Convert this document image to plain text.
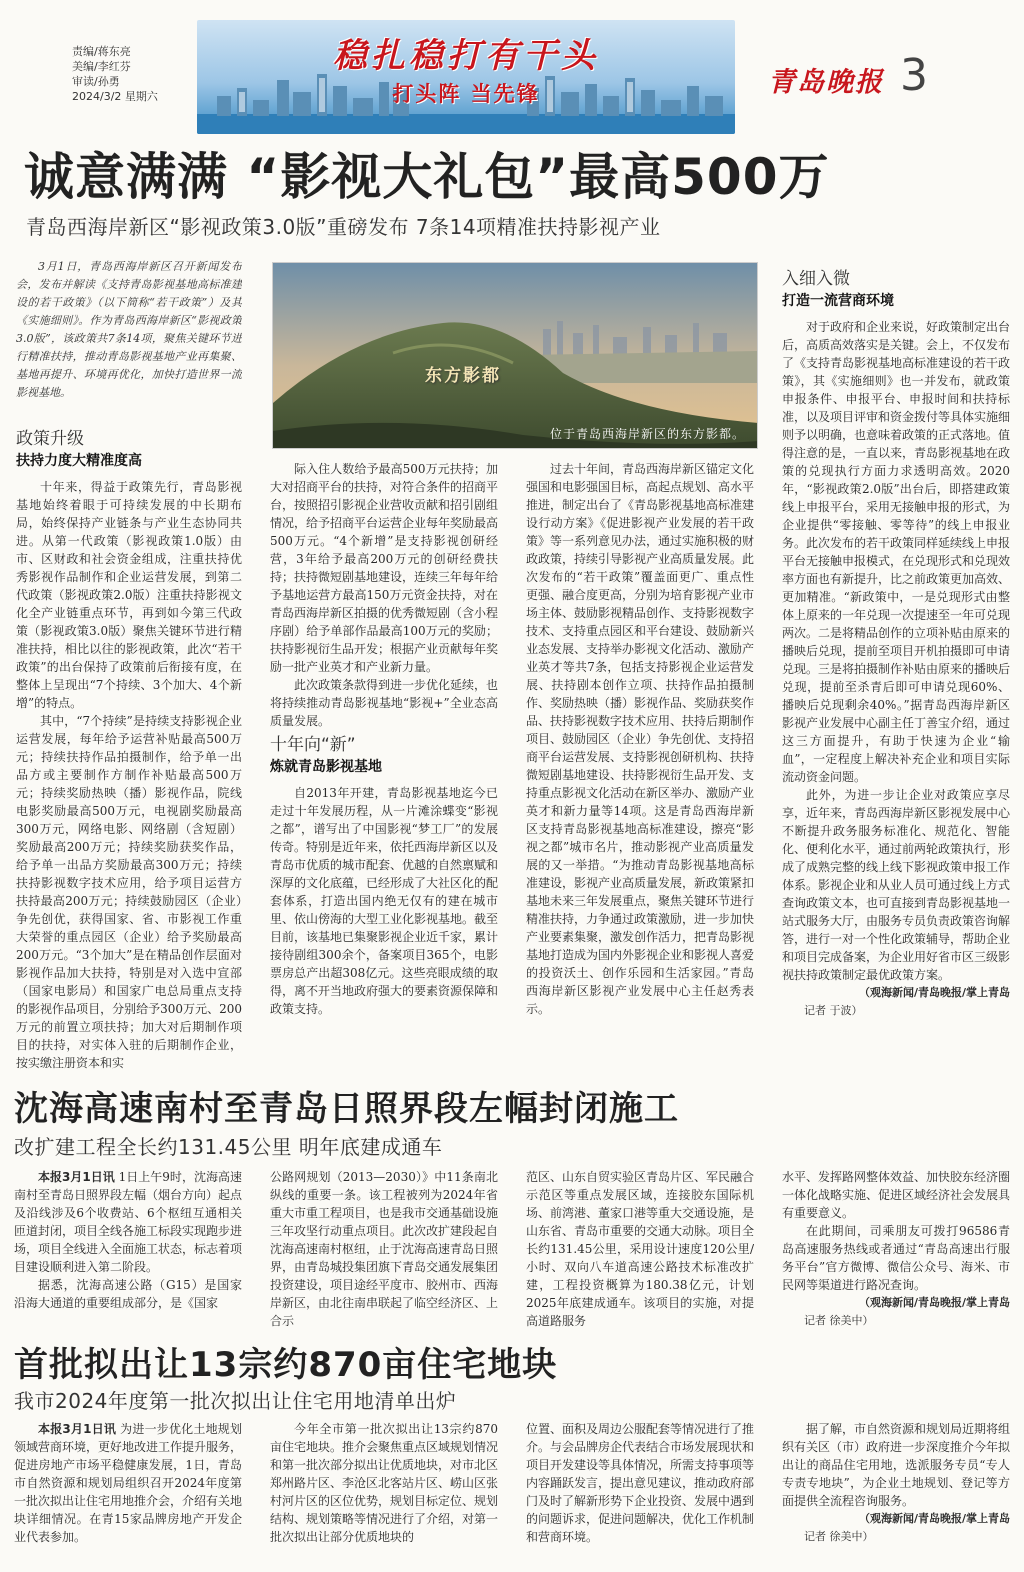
责编/蒋东亮
美编/李红芬
审读/孙勇
2024/3/2 星期六
稳扎稳打有干头
打头阵 当先锋	青岛晚报 3
诚意满满 “影视大礼包”最高500万
青岛西海岸新区“影视政策3.0版”重磅发布 7条14项精准扶持影视产业

3月1日，青岛西海岸新区召开新闻发布会，发布并解读《支持青岛影视基地高标准建设的若干政策》（以下简称“若干政策”）及其《实施细则》。作为青岛西海岸新区“影视政策3.0版”，该政策共7条14项，聚焦关键环节进行精准扶持，推动青岛影视基地产业再集聚、基地再提升、环境再优化，加快打造世界一流影视基地。

政策升级
扶持力度大精准度高

十年来，得益于政策先行，青岛影视基地始终着眼于可持续发展的中长期布局，始终保持产业链条与产业生态协同共进。从第一代政策（影视政策1.0版）由市、区财政和社会资金组成，注重扶持优秀影视作品制作和企业运营发展，到第二代政策（影视政策2.0版）注重扶持影视文化全产业链重点环节，再到如今第三代政策（影视政策3.0版）聚焦关键环节进行精准扶持，相比以往的影视政策，此次“若干政策”的出台保持了政策前后衔接有度，在整体上呈现出“7个持续、3个加大、4个新增”的特点。

其中，“7个持续”是持续支持影视企业运营发展，每年给予运营补贴最高500万元；持续扶持作品拍摄制作，给予单一出品方或主要制作方制作补贴最高500万元；持续奖励热映（播）影视作品，院线电影奖励最高500万元，电视剧奖励最高300万元，网络电影、网络剧（含短剧）奖励最高200万元；持续奖励获奖作品，给予单一出品方奖励最高300万元；持续扶持影视数字技术应用，给予项目运营方扶持最高200万元；持续鼓励园区（企业）争先创优，获得国家、省、市影视工作重大荣誉的重点园区（企业）给予奖励最高200万元。“3个加大”是在精品创作层面对影视作品加大扶持，特别是对入选中宣部（国家电影局）和国家广电总局重点支持的影视作品项目，分别给予300万元、200万元的前置立项扶持；加大对后期制作项目的扶持，对实体入驻的后期制作企业，按实缴注册资本和实

东方影都
位于青岛西海岸新区的东方影都。

际入住人数给予最高500万元扶持；加大对招商平台的扶持，对符合条件的招商平台，按照招引影视企业营收贡献和招引剧组情况，给予招商平台运营企业每年奖励最高500万元。“4个新增”是支持影视创研经营，3年给予最高200万元的创研经费扶持；扶持微短剧基地建设，连续三年每年给予基地运营方最高150万元资金扶持，对在青岛西海岸新区拍摄的优秀微短剧（含小程序剧）给予单部作品最高100万元的奖励；扶持影视衍生品开发；根据产业贡献每年奖励一批产业英才和产业新力量。

此次政策条款得到进一步优化延续，也将持续推动青岛影视基地“影视+”全业态高质量发展。

十年向“新”
炼就青岛影视基地

自2013年开建，青岛影视基地迄今已走过十年发展历程，从一片滩涂蝶变“影视之都”，谱写出了中国影视“梦工厂”的发展传奇。特别是近年来，依托西海岸新区以及青岛市优质的城市配套、优越的自然禀赋和深厚的文化底蕴，已经形成了大社区化的配套体系，打造出国内绝无仅有的建在城市里、依山傍海的大型工业化影视基地。截至目前，该基地已集聚影视企业近千家，累计接待剧组300余个，备案项目365个，电影票房总产出超308亿元。这些亮眼成绩的取得，离不开当地政府强大的要素资源保障和政策支持。

过去十年间，青岛西海岸新区锚定文化强国和电影强国目标，高起点规划、高水平推进，制定出台了《青岛影视基地高标准建设行动方案》《促进影视产业发展的若干政策》等一系列意见办法，通过实施积极的财政政策，持续引导影视产业高质量发展。此次发布的“若干政策”覆盖面更广、重点性更强、融合度更高，分别为培育影视产业市场主体、鼓励影视精品创作、支持影视数字技术、支持重点园区和平台建设、鼓励新兴业态发展、支持举办影视文化活动、激励产业英才等共7条，包括支持影视企业运营发展、扶持剧本创作立项、扶持作品拍摄制作、奖励热映（播）影视作品、奖励获奖作品、扶持影视数字技术应用、扶持后期制作项目、鼓励园区（企业）争先创优、支持招商平台运营发展、支持影视创研机构、扶持微短剧基地建设、扶持影视衍生品开发、支持重点影视文化活动在新区举办、激励产业英才和新力量等14项。这是青岛西海岸新区支持青岛影视基地高标准建设，擦亮“影视之都”城市名片，推动影视产业高质量发展的又一举措。“为推动青岛影视基地高标准建设，影视产业高质量发展，新政策紧扣基地未来三年发展重点，聚焦关键环节进行精准扶持，力争通过政策激励，进一步加快产业要素集聚，激发创作活力，把青岛影视基地打造成为国内外影视企业和影视人喜爱的投资沃土、创作乐园和生活家园。”青岛西海岸新区影视产业发展中心主任赵秀表示。

入细入微
打造一流营商环境

对于政府和企业来说，好政策制定出台后，高质高效落实是关键。会上，不仅发布了《支持青岛影视基地高标准建设的若干政策》，其《实施细则》也一并发布，就政策申报条件、申报平台、申报时间和扶持标准，以及项目评审和资金拨付等具体实施细则予以明确，也意味着政策的正式落地。值得注意的是，一直以来，青岛影视基地在政策的兑现执行方面力求透明高效。2020年，“影视政策2.0版”出台后，即搭建政策线上申报平台，采用无接触申报的形式，为企业提供“零接触、零等待”的线上申报业务。此次发布的若干政策同样延续线上申报平台无接触申报模式，在兑现形式和兑现效率方面也有新提升，比之前政策更加高效、更加精准。“新政策中，一是兑现形式由整体上原来的一年兑现一次提速至一年可兑现两次。二是将精品创作的立项补贴由原来的播映后兑现，提前至项目开机拍摄即可申请兑现。三是将拍摄制作补贴由原来的播映后兑现，提前至杀青后即可申请兑现60%、播映后兑现剩余40%。”据青岛西海岸新区影视产业发展中心副主任丁善宝介绍，通过这三方面提升，有助于快速为企业“输血”，一定程度上解决补充企业和项目实际流动资金问题。

此外，为进一步让企业对政策应享尽享，近年来，青岛西海岸新区影视发展中心不断提升政务服务标准化、规范化、智能化、便利化水平，通过前两轮政策执行，形成了成熟完整的线上线下影视政策申报工作体系。影视企业和从业人员可通过线上方式查询政策文本，也可直接到青岛影视基地一站式服务大厅，由服务专员负责政策咨询解答，进行一对一个性化政策辅导，帮助企业和项目完成备案，为企业用好省市区三级影视扶持政策制定最优政策方案。

（观海新闻/青岛晚报/掌上青岛

记者 于波）

沈海高速南村至青岛日照界段左幅封闭施工
改扩建工程全长约131.45公里 明年底建成通车

本报3月1日讯 1日上午9时，沈海高速南村至青岛日照界段左幅（烟台方向）起点及沿线涉及6个收费站、6个枢纽互通相关匝道封闭，项目全线各施工标段实现跑步进场，项目全线进入全面施工状态，标志着项目建设顺利进入第二阶段。

据悉，沈海高速公路（G15）是国家沿海大通道的重要组成部分，是《国家

公路网规划（2013—2030）》中11条南北纵线的重要一条。该工程被列为2024年省重大市重工程项目，也是我市交通基础设施三年攻坚行动重点项目。此次改扩建段起自沈海高速南村枢纽，止于沈海高速青岛日照界，由青岛城投集团旗下青岛交通发展集团投资建设，项目途经平度市、胶州市、西海岸新区，由北往南串联起了临空经济区、上合示

范区、山东自贸实验区青岛片区、军民融合示范区等重点发展区域，连接胶东国际机场、前湾港、董家口港等重大交通设施，是山东省、青岛市重要的交通大动脉。项目全长约131.45公里，采用设计速度120公里/小时、双向八车道高速公路技术标准改扩建，工程投资概算为180.38亿元，计划2025年底建成通车。该项目的实施，对提高道路服务

水平、发挥路网整体效益、加快胶东经济圈一体化战略实施、促进区域经济社会发展具有重要意义。

在此期间，司乘朋友可拨打96586青岛高速服务热线或者通过“青岛高速出行服务平台”官方微博、微信公众号、海米、市民网等渠道进行路况查询。

（观海新闻/青岛晚报/掌上青岛

记者 徐美中）

首批拟出让13宗约870亩住宅地块
我市2024年度第一批次拟出让住宅用地清单出炉

本报3月1日讯 为进一步优化土地规划领域营商环境，更好地改进工作提升服务，促进房地产市场平稳健康发展，1日，青岛市自然资源和规划局组织召开2024年度第一批次拟出让住宅用地推介会，介绍有关地块详细情况。在青15家品牌房地产开发企业代表参加。

今年全市第一批次拟出让13宗约870亩住宅地块。推介会聚焦重点区域规划情况和第一批次部分拟出让优质地块，对市北区郑州路片区、李沧区北客站片区、崂山区张村河片区的区位优势，规划目标定位、规划结构、规划策略等情况进行了介绍，对第一批次拟出让部分优质地块的

位置、面积及周边公服配套等情况进行了推介。与会品牌房企代表结合市场发展现状和项目开发建设等具体情况，所需支持事项等内容踊跃发言，提出意见建议，推动政府部门及时了解新形势下企业投资、发展中遇到的问题诉求，促进问题解决，优化工作机制和营商环境。

据了解，市自然资源和规划局近期将组织有关区（市）政府进一步深度推介今年拟出让的商品住宅用地，选派服务专员“专人专责专地块”，为企业土地规划、登记等方面提供全流程咨询服务。

（观海新闻/青岛晚报/掌上青岛

记者 徐美中）
